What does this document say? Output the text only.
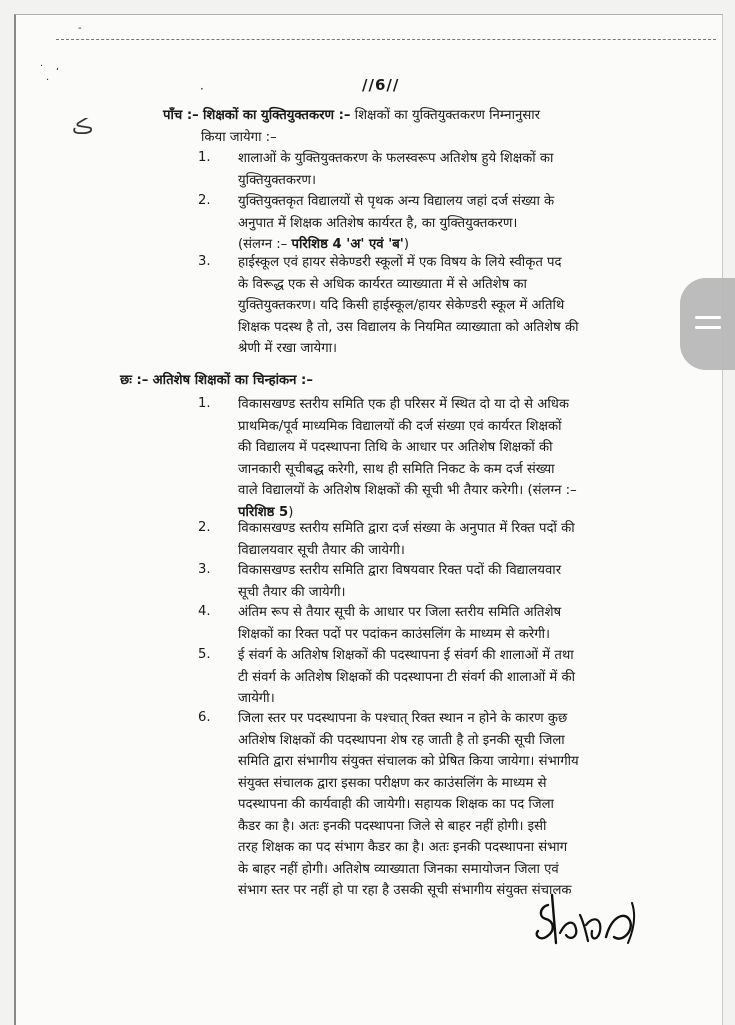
-
·
ʻ
·
·	//6//
ڪ	पाँच :– शिक्षकों का युक्तियुक्तकरण :– शिक्षकों का युक्तियुक्तकरण निम्नानुसार
किया जायेगा :–
1. शालाओं के युक्तियुक्तकरण के फलस्वरूप अतिशेष हुये शिक्षकों का
युक्तियुक्तकरण।
2. युक्तियुक्तकृत विद्यालयों से पृथक अन्य विद्यालय जहां दर्ज संख्या के
अनुपात में शिक्षक अतिशेष कार्यरत है, का युक्तियुक्तकरण।
(संलग्न :– परिशिष्ठ 4 'अ' एवं 'ब')
3. हाईस्कूल एवं हायर सेकेण्डरी स्कूलों में एक विषय के लिये स्वीकृत पद
के विरूद्ध एक से अधिक कार्यरत व्याख्याता में से अतिशेष का
युक्तियुक्तकरण। यदि किसी हाईस्कूल/हायर सेकेण्डरी स्कूल में अतिथि
शिक्षक पदस्थ है तो, उस विद्यालय के नियमित व्याख्याता को अतिशेष की
श्रेणी में रखा जायेगा।
छः :– अतिशेष शिक्षकों का चिन्हांकन :–
1. विकासखण्ड स्तरीय समिति एक ही परिसर में स्थित दो या दो से अधिक
प्राथमिक/पूर्व माध्यमिक विद्यालयों की दर्ज संख्या एवं कार्यरत शिक्षकों
की विद्यालय में पदस्थापना तिथि के आधार पर अतिशेष शिक्षकों की
जानकारी सूचीबद्ध करेगी, साथ ही समिति निकट के कम दर्ज संख्या
वाले विद्यालयों के अतिशेष शिक्षकों की सूची भी तैयार करेगी। (संलग्न :–
परिशिष्ठ 5)
2. विकासखण्ड स्तरीय समिति द्वारा दर्ज संख्या के अनुपात में रिक्त पदों की
विद्यालयवार सूची तैयार की जायेगी।
3. विकासखण्ड स्तरीय समिति द्वारा विषयवार रिक्त पदों की विद्यालयवार
सूची तैयार की जायेगी।
4. अंतिम रूप से तैयार सूची के आधार पर जिला स्तरीय समिति अतिशेष
शिक्षकों का रिक्त पदों पर पदांकन काउंसलिंग के माध्यम से करेगी।
5. ई संवर्ग के अतिशेष शिक्षकों की पदस्थापना ई संवर्ग की शालाओं में तथा
टी संवर्ग के अतिशेष शिक्षकों की पदस्थापना टी संवर्ग की शालाओं में की
जायेगी।
6. जिला स्तर पर पदस्थापना के पश्चात् रिक्त स्थान न होने के कारण कुछ
अतिशेष शिक्षकों की पदस्थापना शेष रह जाती है तो इनकी सूची जिला
समिति द्वारा संभागीय संयुक्त संचालक को प्रेषित किया जायेगा। संभागीय
संयुक्त संचालक द्वारा इसका परीक्षण कर काउंसलिंग के माध्यम से
पदस्थापना की कार्यवाही की जायेगी। सहायक शिक्षक का पद जिला
कैडर का है। अतः इनकी पदस्थापना जिले से बाहर नहीं होगी। इसी
तरह शिक्षक का पद संभाग कैडर का है। अतः इनकी पदस्थापना संभाग
के बाहर नहीं होगी। अतिशेष व्याख्याता जिनका समायोजन जिला एवं
संभाग स्तर पर नहीं हो पा रहा है उसकी सूची संभागीय संयुक्त संचालक
